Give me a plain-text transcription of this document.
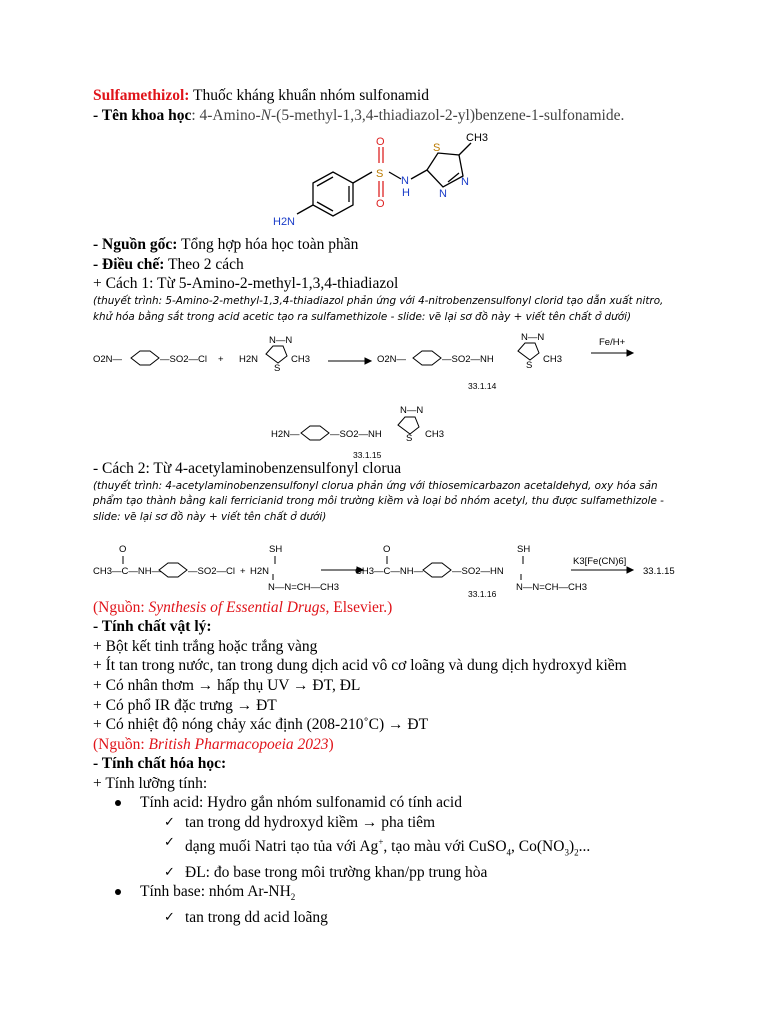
Sulfamethizol: Thuốc kháng khuẩn nhóm sulfonamid
- Tên khoa học: 4-Amino-N-(5-methyl-1,3,4-thiadiazol-2-yl)benzene-1-sulfonamide.
S
O
O
N
H
S
CH3
N
N
H2N
- Nguồn gốc: Tổng hợp hóa học toàn phần
- Điều chế: Theo 2 cách
+ Cách 1: Từ 5-Amino-2-methyl-1,3,4-thiadiazol
(thuyết trình: 5-Amino-2-methyl-1,3,4-thiadiazol phản ứng với 4-nitrobenzensulfonyl clorid tạo dẫn xuất nitro, khử hóa bằng sắt trong acid acetic tạo ra sulfamethizole - slide: vẽ lại sơ đồ này + viết tên chất ở dưới)
O2N—	—SO2—Cl + H2N
N—N
S
CH3	O2N—	—SO2—NH
N—N
S
CH3
Fe/H+
33.1.14
H2N—	—SO2—NH
N—N
S CH3
33.1.15
- Cách 2: Từ 4-acetylaminobenzensulfonyl clorua
(thuyết trình: 4-acetylaminobenzensulfonyl clorua phản ứng với thiosemicarbazon acetaldehyd, oxy hóa sản phẩm tạo thành bằng kali ferricianid trong môi trường kiềm và loại bỏ nhóm acetyl, thu được sulfamethizole - slide: vẽ lại sơ đồ này + viết tên chất ở dưới)
CH3—C—NH—
O
—SO2—Cl + H2N
SH
N—N=CH—CH3
CH3—C—NH—
O
—SO2—HN
SH
N—N=CH—CH3
K3[Fe(CN)6]
33.1.15
33.1.16
(Nguồn: Synthesis of Essential Drugs, Elsevier.)
- Tính chất vật lý:
+ Bột kết tinh trắng hoặc trắng vàng
+ Ít tan trong nước, tan trong dung dịch acid vô cơ loãng và dung dịch hydroxyd kiềm
+ Có nhân thơm → hấp thụ UV → ĐT, ĐL
+ Có phổ IR đặc trưng → ĐT
+ Có nhiệt độ nóng chảy xác định (208-210˚C) → ĐT
(Nguồn: British Pharmacopoeia 2023)
- Tính chất hóa học:
+ Tính lưỡng tính:
Tính acid: Hydro gắn nhóm sulfonamid có tính acid
✓ tan trong dd hydroxyd kiềm → pha tiêm
✓ dạng muối Natri tạo tủa với Ag+, tạo màu với CuSO$_4$, $Co(NO_3)_2$...
✓ ĐL: đo base trong môi trường khan/pp trung hòa
Tính base: nhóm $Ar-NH_2$
✓ tan trong dd acid loãng
